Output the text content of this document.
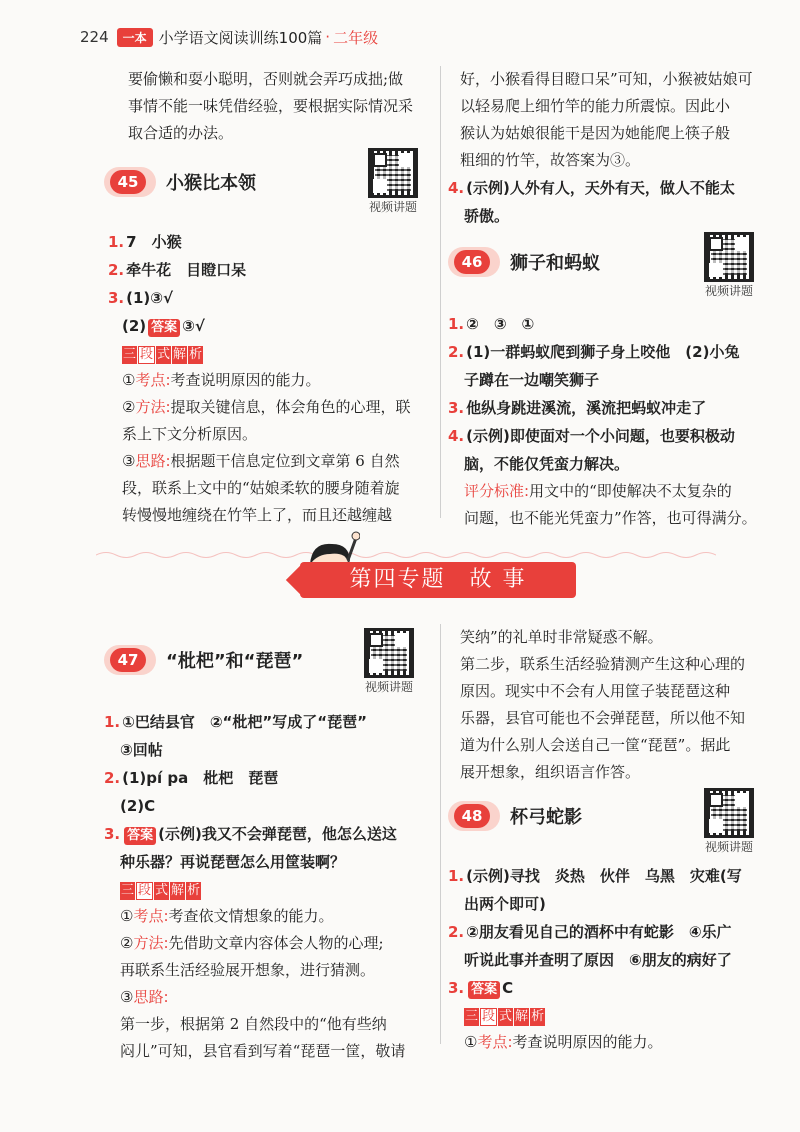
224	一本 小学语文阅读训练100篇 · 二年级

要偷懒和耍小聪明，否则就会弄巧成拙;做

事情不能一味凭借经验，要根据实际情况采

取合适的办法。

45	小猴比本领
视频讲题

1. 7　小猴

2. 牵牛花　目瞪口呆

3. (1)③√

(2) 答案 ③√

三 段 式 解 析

①考点:考查说明原因的能力。

②方法:提取关键信息，体会角色的心理，联

系上下文分析原因。

③思路:根据题干信息定位到文章第 6 自然

段，联系上文中的“姑娘柔软的腰身随着旋

转慢慢地缠绕在竹竿上了，而且还越缠越

好，小猴看得目瞪口呆”可知，小猴被姑娘可

以轻易爬上细竹竿的能力所震惊。因此小

猴认为姑娘很能干是因为她能爬上筷子般

粗细的竹竿，故答案为③。

4. (示例)人外有人，天外有天，做人不能太

骄傲。

46	狮子和蚂蚁
视频讲题

1. ②　③　①

2. (1)一群蚂蚁爬到狮子身上咬他　(2)小兔

子蹲在一边嘲笑狮子

3. 他纵身跳进溪流，溪流把蚂蚁冲走了

4. (示例)即使面对一个小问题，也要积极动

脑，不能仅凭蛮力解决。

评分标准:用文中的“即使解决不太复杂的

问题，也不能光凭蛮力”作答，也可得满分。

第四专题　故 事
47	“枇杷”和“琵琶”
视频讲题

1. ①巴结县官　②“枇杷”写成了“琵琶”

③回帖

2. (1)pí pa　枇杷　琵琶

(2)C

3. 答案 (示例)我又不会弹琵琶，他怎么送这

种乐器？再说琵琶怎么用筐装啊？

三 段 式 解 析

①考点:考查依文情想象的能力。

②方法:先借助文章内容体会人物的心理;

再联系生活经验展开想象，进行猜测。

③思路:

第一步，根据第 2 自然段中的“他有些纳

闷儿”可知，县官看到写着“琵琶一筐，敬请

笑纳”的礼单时非常疑惑不解。

第二步，联系生活经验猜测产生这种心理的

原因。现实中不会有人用筐子装琵琶这种

乐器，县官可能也不会弹琵琶，所以他不知

道为什么别人会送自己一筐“琵琶”。据此

展开想象，组织语言作答。

48	杯弓蛇影
视频讲题

1. (示例)寻找　炎热　伙伴　乌黑　灾难(写

出两个即可)

2. ②朋友看见自己的酒杯中有蛇影　④乐广

听说此事并查明了原因　⑥朋友的病好了

3. 答案 C

三 段 式 解 析

①考点:考查说明原因的能力。
